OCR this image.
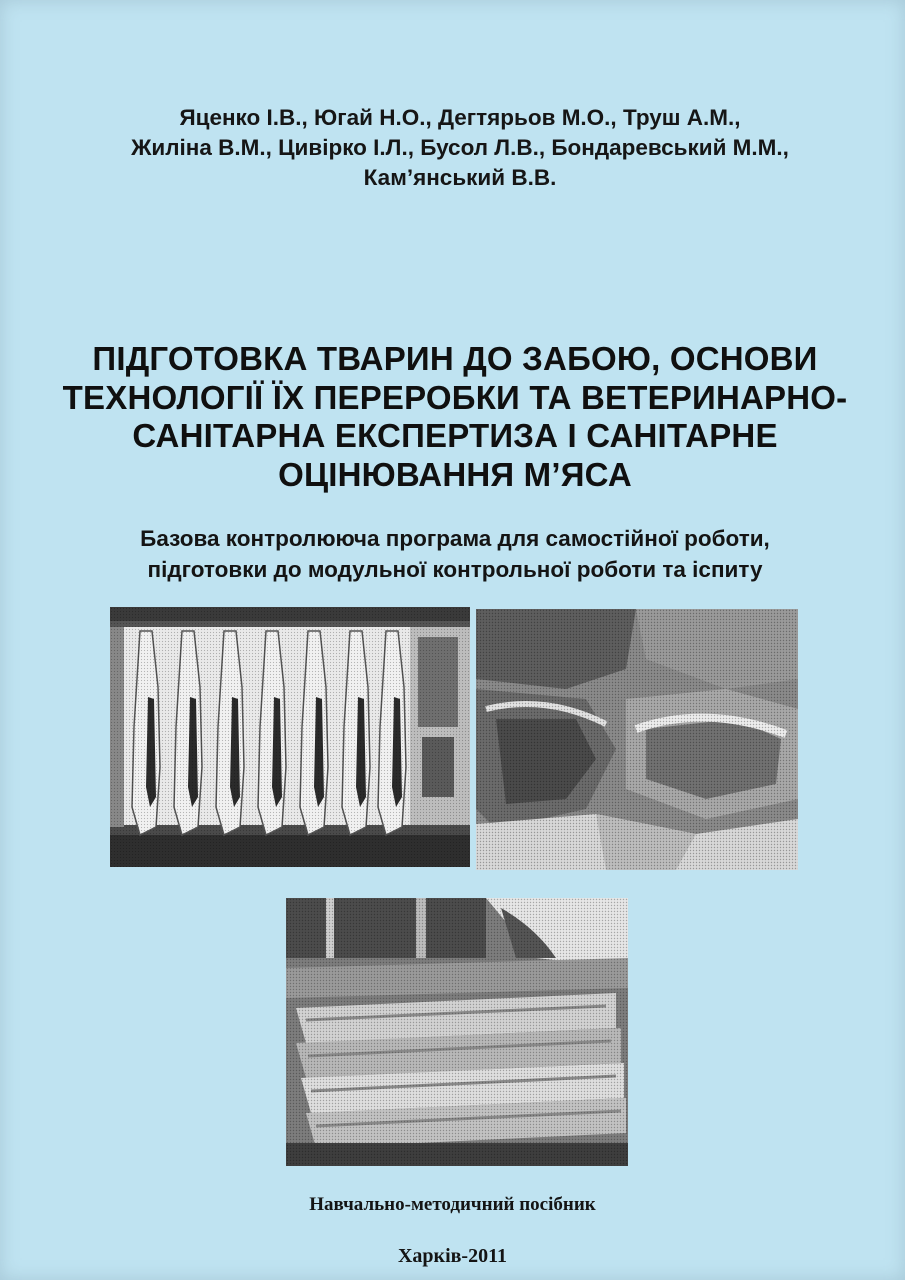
Яценко І.В., Югай Н.О., Дегтярьов М.О., Труш А.М.,
Жиліна В.М., Цивірко І.Л., Бусол Л.В., Бондаревський М.М.,
Кам’янський В.В.
ПІДГОТОВКА ТВАРИН ДО ЗАБОЮ, ОСНОВИ
ТЕХНОЛОГІЇ ЇХ ПЕРЕРОБКИ ТА ВЕТЕРИНАРНО-
САНІТАРНА ЕКСПЕРТИЗА І САНІТАРНЕ
ОЦІНЮВАННЯ М’ЯСА
Базова контролююча програма для самостійної роботи,
підготовки до модульної контрольної роботи та іспиту
Навчально-методичний посібник
Харків-2011
